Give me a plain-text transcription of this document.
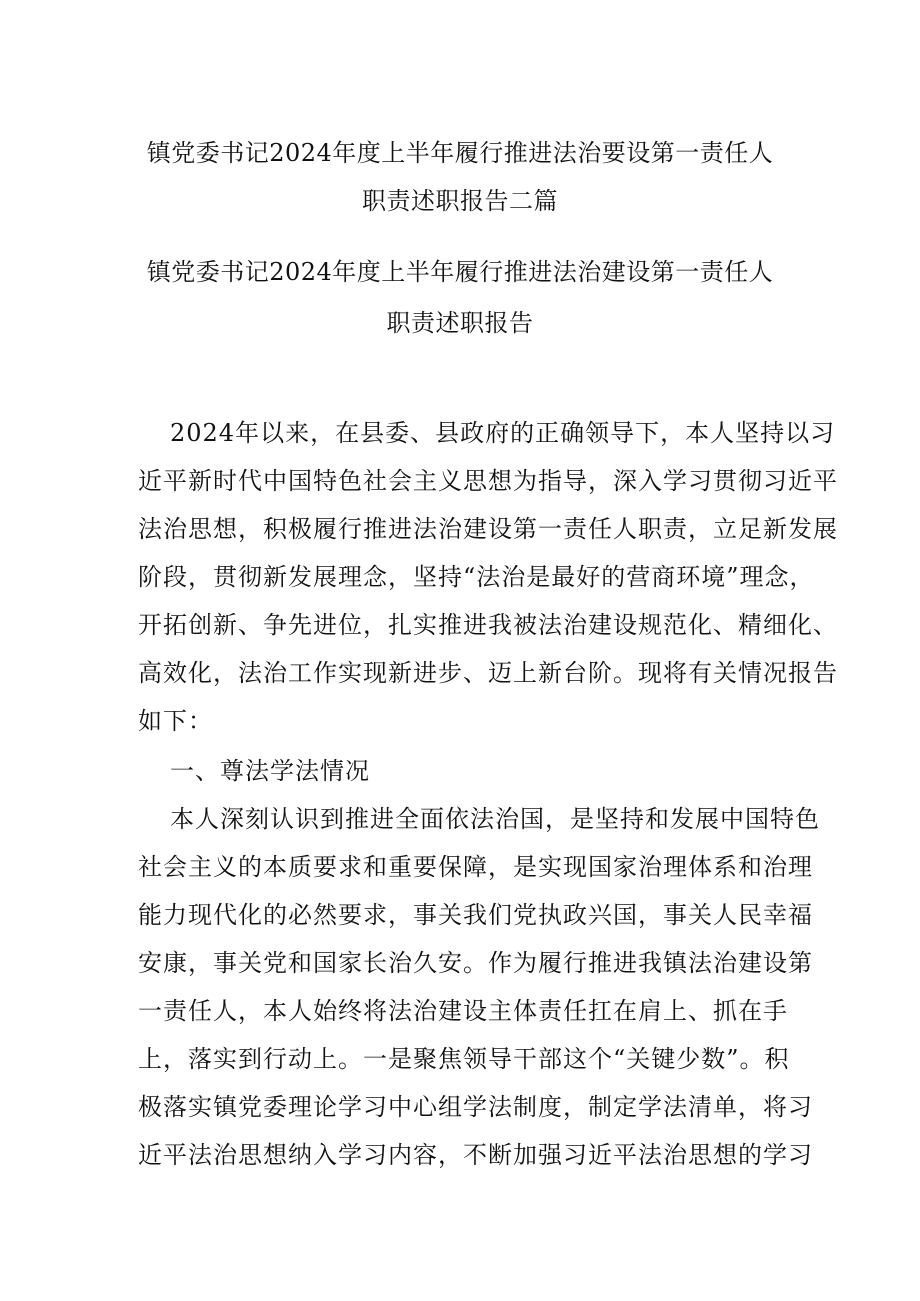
镇党委书记2024年度上半年履行推进法治要设第一责任人
职责述职报告二篇
镇党委书记2024年度上半年履行推进法治建设第一责任人
职责述职报告
2024年以来，在县委、县政府的正确领导下，本人坚持以习
近平新时代中国特色社会主义思想为指导，深入学习贯彻习近平
法治思想，积极履行推进法治建设第一责任人职责，立足新发展
阶段，贯彻新发展理念，坚持“法治是最好的营商环境”理念，
开拓创新、争先进位，扎实推进我被法治建设规范化、精细化、
高效化，法治工作实现新进步、迈上新台阶。现将有关情况报告
如下：
一、尊法学法情况
本人深刻认识到推进全面依法治国，是坚持和发展中国特色
社会主义的本质要求和重要保障，是实现国家治理体系和治理
能力现代化的必然要求，事关我们党执政兴国，事关人民幸福
安康，事关党和国家长治久安。作为履行推进我镇法治建设第
一责任人，本人始终将法治建设主体责任扛在肩上、抓在手
上，落实到行动上。一是聚焦领导干部这个“关键少数”。积
极落实镇党委理论学习中心组学法制度，制定学法清单，将习
近平法治思想纳入学习内容，不断加强习近平法治思想的学习
